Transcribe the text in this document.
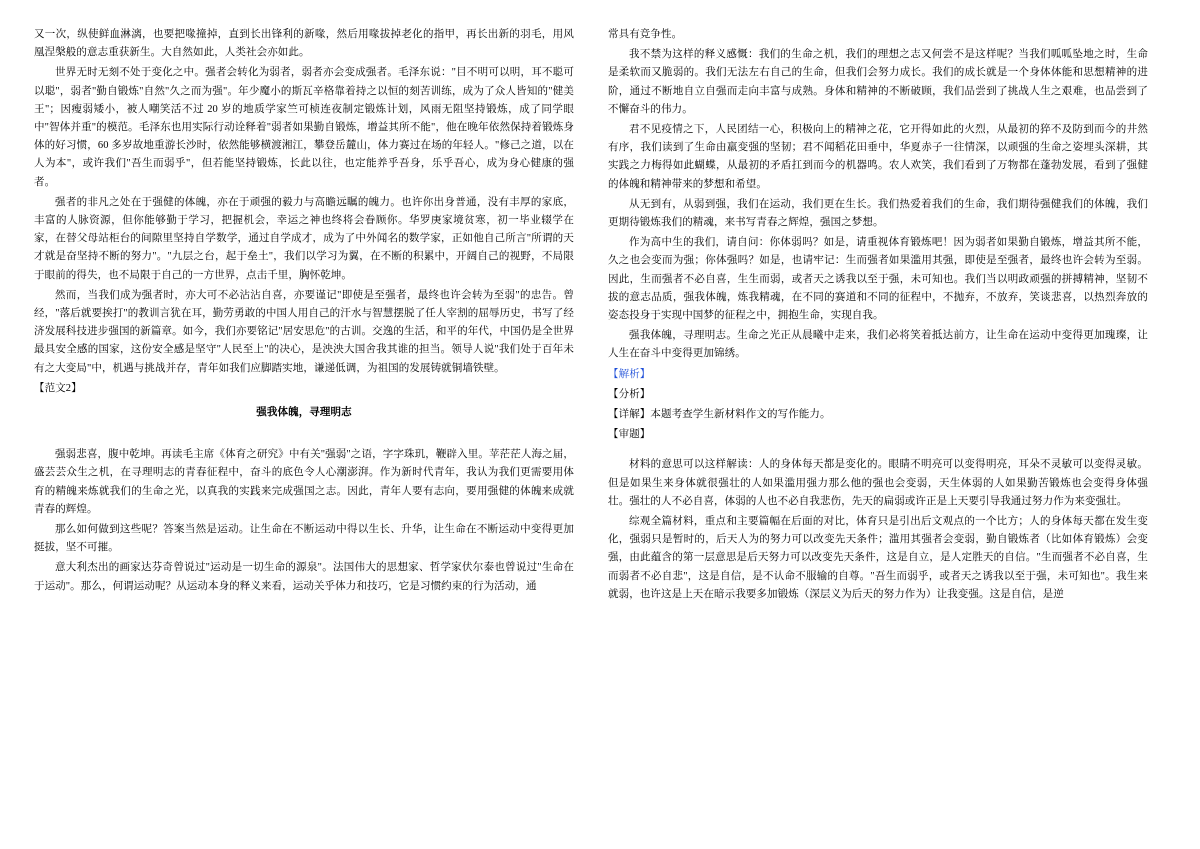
又一次，纵使鲜血淋漓，也要把喙撞掉，直到长出锋利的新喙，然后用喙拔掉老化的指甲，再长出新的羽毛，用风凰涅槃般的意志重获新生。大自然如此，人类社会亦如此。

世界无时无刻不处于变化之中。强者会转化为弱者，弱者亦会变成强者。毛泽东说："目不明可以明，耳不聪可以聪"，弱者"勤自锻炼"自然"久之而为强"。年少魔小的斯瓦辛格靠着持之以恒的刻苦训练，成为了众人皆知的"健美王"；因瘦弱矮小，被人嘲笑活不过 20 岁的地质学家竺可桢连夜制定锻炼计划，风雨无阻坚持锻炼，成了同学眼中"智体并重"的模范。毛泽东也用实际行动诠释着"弱者如果勤自锻炼，增益其所不能"，他在晚年依然保持着锻炼身体的好习惯，60 多岁故地重游长沙时，依然能够横渡湘江，攀登岳麓山，体力赛过在场的年轻人。"修己之道，以在人为本"，或许我们"吾生而弱乎"，但若能坚持锻炼，长此以往，也定能养乎吾身，乐乎吾心，成为身心健康的强者。

强者的非凡之处在于强健的体魄，亦在于顽强的毅力与高瞻远瞩的魄力。也许你出身普通，没有丰厚的家底，丰富的人脉资源，但你能够勤于学习，把握机会，幸运之神也终将会眷顾你。华罗庚家境贫寒，初一毕业辍学在家，在替父母站柜台的间隙里坚持自学数学，通过自学成才，成为了中外闻名的数学家，正如他自己所言"所谓的天才就是奋坚持不断的努力"。"九层之台，起于垒土"，我们以学习为翼，在不断的积累中，开阔自己的视野，不局限于眼前的得失，也不局限于自己的一方世界，点击千里，胸怀乾坤。

然而，当我们成为强者时，亦大可不必沾沾自喜，亦要谨记"即使是至强者，最终也许会转为至弱"的忠告。曾经，"落后就要挨打"的教训言犹在耳，勤劳勇敢的中国人用自己的汗水与智慧摆脱了任人宰割的屈辱历史，书写了经济发展科技进步强国的新篇章。如今，我们亦要铭记"居安思危"的古训。交逸的生活，和平的年代，中国仍是全世界最具安全感的国家，这份安全感是坚守"人民至上"的决心，是泱泱大国舍我其谁的担当。领导人说"我们处于百年未有之大变局"中，机遇与挑战并存，青年如我们应脚踏实地，谦递低调，为祖国的发展铸就铜墙铁壁。

【范文2】

强我体魄，寻理明志

强弱悲喜，腹中乾坤。再读毛主席《体育之研究》中有关"强弱"之语，字字珠玑，鞭辟入里。苹茫茫人海之届，盛芸芸众生之机，在寻理明志的青春征程中，奋斗的底色令人心潮澎湃。作为新时代青年，我认为我们更需要用体育的精魄来炼就我们的生命之光，以真我的实践来完成强国之志。因此，青年人要有志向，要用强健的体魄来成就青春的辉煌。

那么如何做到这些呢？答案当然是运动。让生命在不断运动中得以生长、升华，让生命在不断运动中变得更加挺拔，坚不可摧。

意大利杰出的画家达芬奇曾说过"运动是一切生命的源泉"。法国伟大的思想家、哲学家伏尔泰也曾说过"生命在于运动"。那么，何谓运动呢？从运动本身的释义来看，运动关乎体力和技巧，它是习惯约束的行为活动，通

常具有竞争性。

我不禁为这样的释义感慨：我们的生命之机，我们的理想之志又何尝不是这样呢？当我们呱呱坠地之时，生命是柔软而又脆弱的。我们无法左右自己的生命，但我们会努力成长。我们的成长就是一个身体体能和思想精神的进阶，通过不断地自立自强而走向丰富与成熟。身体和精神的不断破顾，我们品尝到了挑战人生之艰难，也品尝到了不懈奋斗的伟力。

君不见疫情之下，人民团结一心，积极向上的精神之花，它开得如此的火烈，从最初的猝不及防到而今的井然有序，我们读到了生命由羸变强的坚韧；君不闻稻花田垂中，华夏赤子一往情深，以顽强的生命之姿埋头深耕，其实践之力梅得如此蝴蝶，从最初的矛盾扛到而今的机器鸣。农人欢笑，我们看到了万物都在蓬勃发展，看到了强健的体魄和精神带来的梦想和希望。

从无到有，从弱到强，我们在运动，我们更在生长。我们热爱着我们的生命，我们期待强健我们的体魄，我们更期待锻炼我们的精魂，来书写青春之辉煌，强国之梦想。

作为高中生的我们，请自问：你体弱吗？如是，请重视体育锻炼吧！因为弱者如果勤自锻炼，增益其所不能，久之也会变而为强；你体强吗？如是，也请牢记：生而强者如果滥用其强，即使是至强者，最终也许会转为至弱。因此，生而强者不必自喜，生生而弱，或者天之诱我以至于强，未可知也。我们当以明政顽强的拼搏精神，坚韧不拔的意志品质，强我体魄，炼我精魂，在不同的赛道和不同的征程中，不抛弃，不放弃，笑谈悲喜，以热烈奔放的姿态投身于实现中国梦的征程之中，拥抱生命，实现自我。

强我体魄，寻理明志。生命之光正从晨曦中走来，我们必将笑着抵达前方，让生命在运动中变得更加瑰璨，让人生在奋斗中变得更加锦绣。

【解析】

【分析】

【详解】本题考查学生新材料作文的写作能力。

【审题】

材料的意思可以这样解读：人的身体每天都是变化的。眼睛不明亮可以变得明亮，耳朵不灵敏可以变得灵敏。但是如果生来身体就很强壮的人如果滥用强力那么他的强也会变弱，天生体弱的人如果勤苦锻炼也会变得身体强壮。强壮的人不必自喜，体弱的人也不必自我悲伤，先天的扁弱或许正是上天要引导我通过努力作为来变强壮。

综观全篇材料，重点和主要篇幅在后面的对比，体育只是引出后文观点的一个比方；人的身体每天都在发生变化，强弱只是暂时的，后天人为的努力可以改变先天条件；滥用其强者会变弱，勤自锻炼者（比如体育锻炼）会变强，由此蕴含的第一层意思是后天努力可以改变先天条件，这是自立，是人定胜天的自信。"生而强者不必自喜，生而弱者不必自悲"，这是自信，是不认命不服输的自尊。"吾生而弱乎，或者天之诱我以至于强，未可知也"。我生来就弱，也许这是上天在暗示我要多加锻炼（深层义为后天的努力作为）让我变强。这是自信，是逆
